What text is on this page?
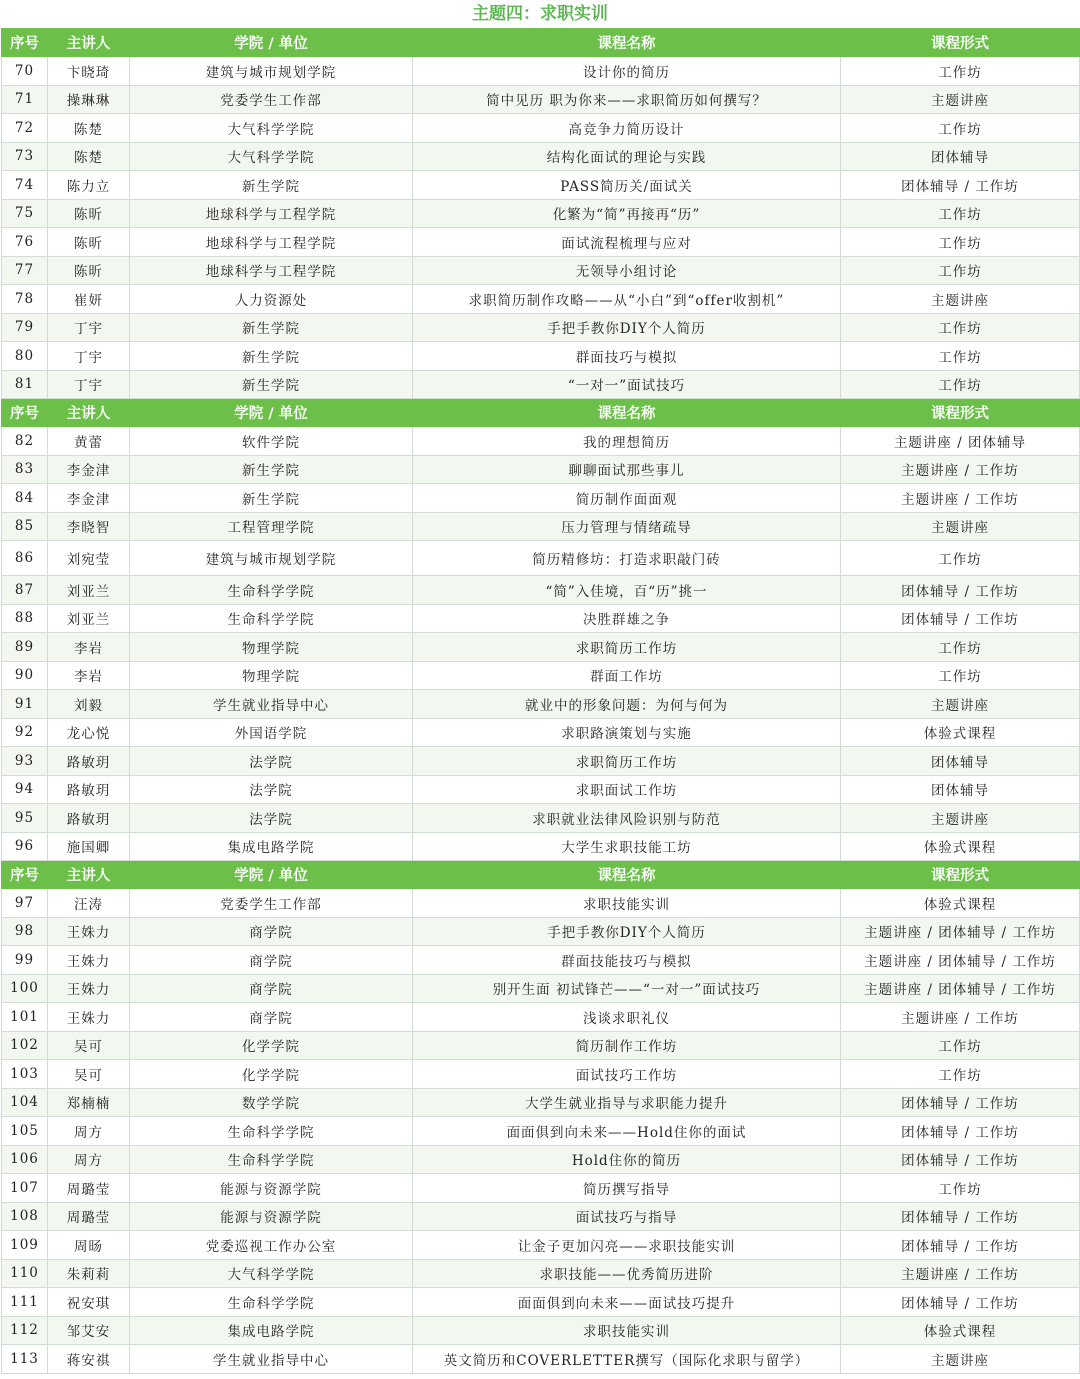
主题四：求职实训
序号	主讲人	学院 / 单位	课程名称	课程形式
70	卞晓琦	建筑与城市规划学院	设计你的简历	工作坊
71	操琳琳	党委学生工作部	简中见历 职为你来——求职简历如何撰写？	主题讲座
72	陈楚	大气科学学院	高竞争力简历设计	工作坊
73	陈楚	大气科学学院	结构化面试的理论与实践	团体辅导
74	陈力立	新生学院	PASS简历关/面试关	团体辅导 / 工作坊
75	陈昕	地球科学与工程学院	化繁为“简”再接再“历”	工作坊
76	陈昕	地球科学与工程学院	面试流程梳理与应对	工作坊
77	陈昕	地球科学与工程学院	无领导小组讨论	工作坊
78	崔妍	人力资源处	求职简历制作攻略——从“小白”到“offer收割机”	主题讲座
79	丁宇	新生学院	手把手教你DIY个人简历	工作坊
80	丁宇	新生学院	群面技巧与模拟	工作坊
81	丁宇	新生学院	“一对一”面试技巧	工作坊
序号	主讲人	学院 / 单位	课程名称	课程形式
82	黄蕾	软件学院	我的理想简历	主题讲座 / 团体辅导
83	李金津	新生学院	聊聊面试那些事儿	主题讲座 / 工作坊
84	李金津	新生学院	简历制作面面观	主题讲座 / 工作坊
85	李晓智	工程管理学院	压力管理与情绪疏导	主题讲座
86	刘宛莹	建筑与城市规划学院	简历精修坊：打造求职敲门砖	工作坊
87	刘亚兰	生命科学学院	“简”入佳境，百“历”挑一	团体辅导 / 工作坊
88	刘亚兰	生命科学学院	决胜群雄之争	团体辅导 / 工作坊
89	李岩	物理学院	求职简历工作坊	工作坊
90	李岩	物理学院	群面工作坊	工作坊
91	刘毅	学生就业指导中心	就业中的形象问题：为何与何为	主题讲座
92	龙心悦	外国语学院	求职路演策划与实施	体验式课程
93	路敏玥	法学院	求职简历工作坊	团体辅导
94	路敏玥	法学院	求职面试工作坊	团体辅导
95	路敏玥	法学院	求职就业法律风险识别与防范	主题讲座
96	施国卿	集成电路学院	大学生求职技能工坊	体验式课程
序号	主讲人	学院 / 单位	课程名称	课程形式
97	汪涛	党委学生工作部	求职技能实训	体验式课程
98	王姝力	商学院	手把手教你DIY个人简历	主题讲座 / 团体辅导 / 工作坊
99	王姝力	商学院	群面技能技巧与模拟	主题讲座 / 团体辅导 / 工作坊
100	王姝力	商学院	别开生面 初试锋芒——“一对一”面试技巧	主题讲座 / 团体辅导 / 工作坊
101	王姝力	商学院	浅谈求职礼仪	主题讲座 / 工作坊
102	吴可	化学学院	简历制作工作坊	工作坊
103	吴可	化学学院	面试技巧工作坊	工作坊
104	郑楠楠	数学学院	大学生就业指导与求职能力提升	团体辅导 / 工作坊
105	周方	生命科学学院	面面俱到向未来——Hold住你的面试	团体辅导 / 工作坊
106	周方	生命科学学院	Hold住你的简历	团体辅导 / 工作坊
107	周璐莹	能源与资源学院	简历撰写指导	工作坊
108	周璐莹	能源与资源学院	面试技巧与指导	团体辅导 / 工作坊
109	周旸	党委巡视工作办公室	让金子更加闪亮——求职技能实训	团体辅导 / 工作坊
110	朱莉莉	大气科学学院	求职技能——优秀简历进阶	主题讲座 / 工作坊
111	祝安琪	生命科学学院	面面俱到向未来——面试技巧提升	团体辅导 / 工作坊
112	邹艾安	集成电路学院	求职技能实训	体验式课程
113	蒋安祺	学生就业指导中心	英文简历和COVERLETTER撰写（国际化求职与留学）	主题讲座
